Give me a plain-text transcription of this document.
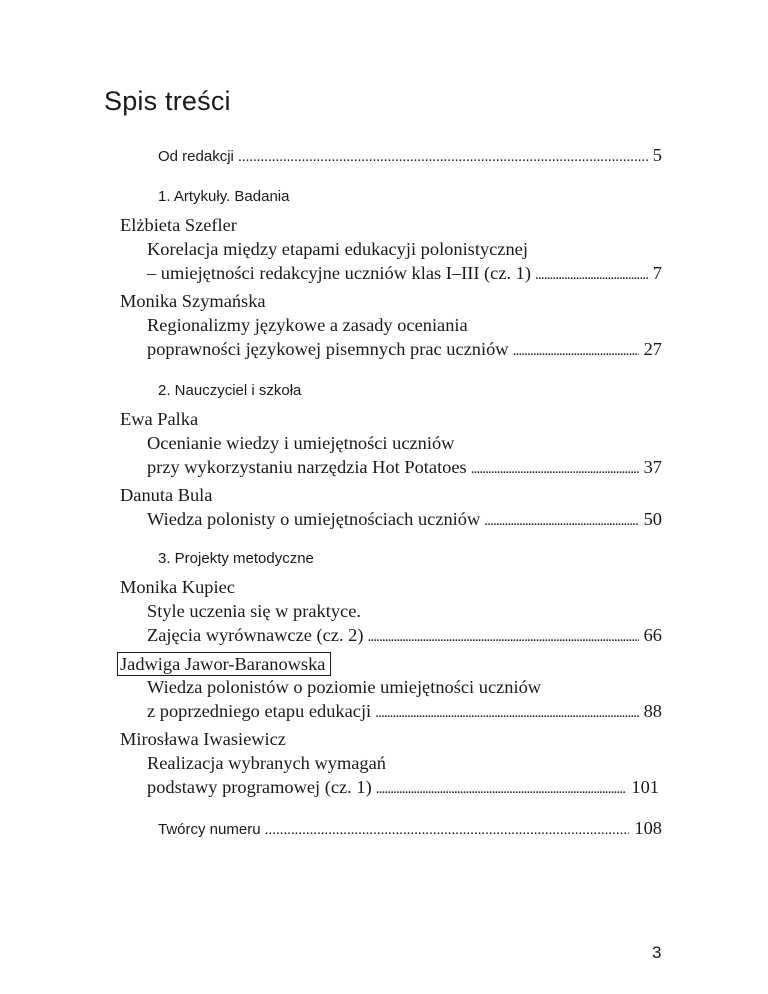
Spis treści
Od redakcji . . .	5
1. Artykuły. Badania
Elżbieta Szefler
Korelacja między etapami edukacyji polonistycznej
– umiejętności redakcyjne uczniów klas I–III (cz. 1) . . .	7
Monika Szymańska
Regionalizmy językowe a zasady oceniania
poprawności językowej pisemnych prac uczniów . . .	27
2. Nauczyciel i szkoła
Ewa Palka
Ocenianie wiedzy i umiejętności uczniów
przy wykorzystaniu narzędzia Hot Potatoes . . .	37
Danuta Bula
Wiedza polonisty o umiejętnościach uczniów . . .	50
3. Projekty metodyczne
Monika Kupiec
Style uczenia się w praktyce.
Zajęcia wyrównawcze (cz. 2) . . .	66
Jadwiga Jawor-Baranowska
Wiedza polonistów o poziomie umiejętności uczniów
z poprzedniego etapu edukacji . . .	88
Mirosława Iwasiewicz
Realizacja wybranych wymagań
podstawy programowej (cz. 1) . . .	101
Twórcy numeru . . .	108
3
